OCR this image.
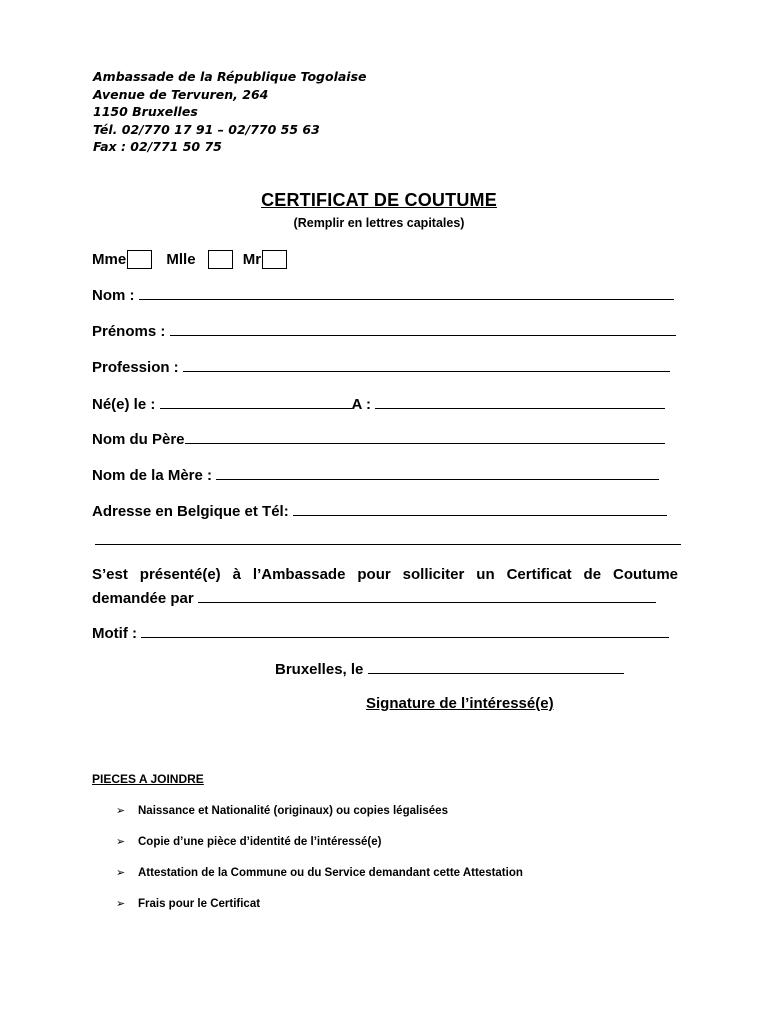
Ambassade de la République Togolaise
Avenue de Tervuren, 264
1150 Bruxelles
Tél. 02/770 17 91 – 02/770 55 63
Fax : 02/771 50 75
CERTIFICAT DE COUTUME
(Remplir en lettres capitales)
Mme	Mlle	Mr
Nom :
Prénoms :
Profession :
Né(e) le :	A :
Nom du Père
Nom de la Mère :
Adresse en Belgique et Tél:
S’est présenté(e) à l’Ambassade pour solliciter un Certificat de Coutume
demandée par
Motif :
Bruxelles, le
Signature de l’intéressé(e)
PIECES A JOINDRE
➢ Naissance et Nationalité (originaux) ou copies légalisées
➢ Copie d’une pièce d’identité de l’intéressé(e)
➢ Attestation de la Commune ou du Service demandant cette Attestation
➢ Frais pour le Certificat
